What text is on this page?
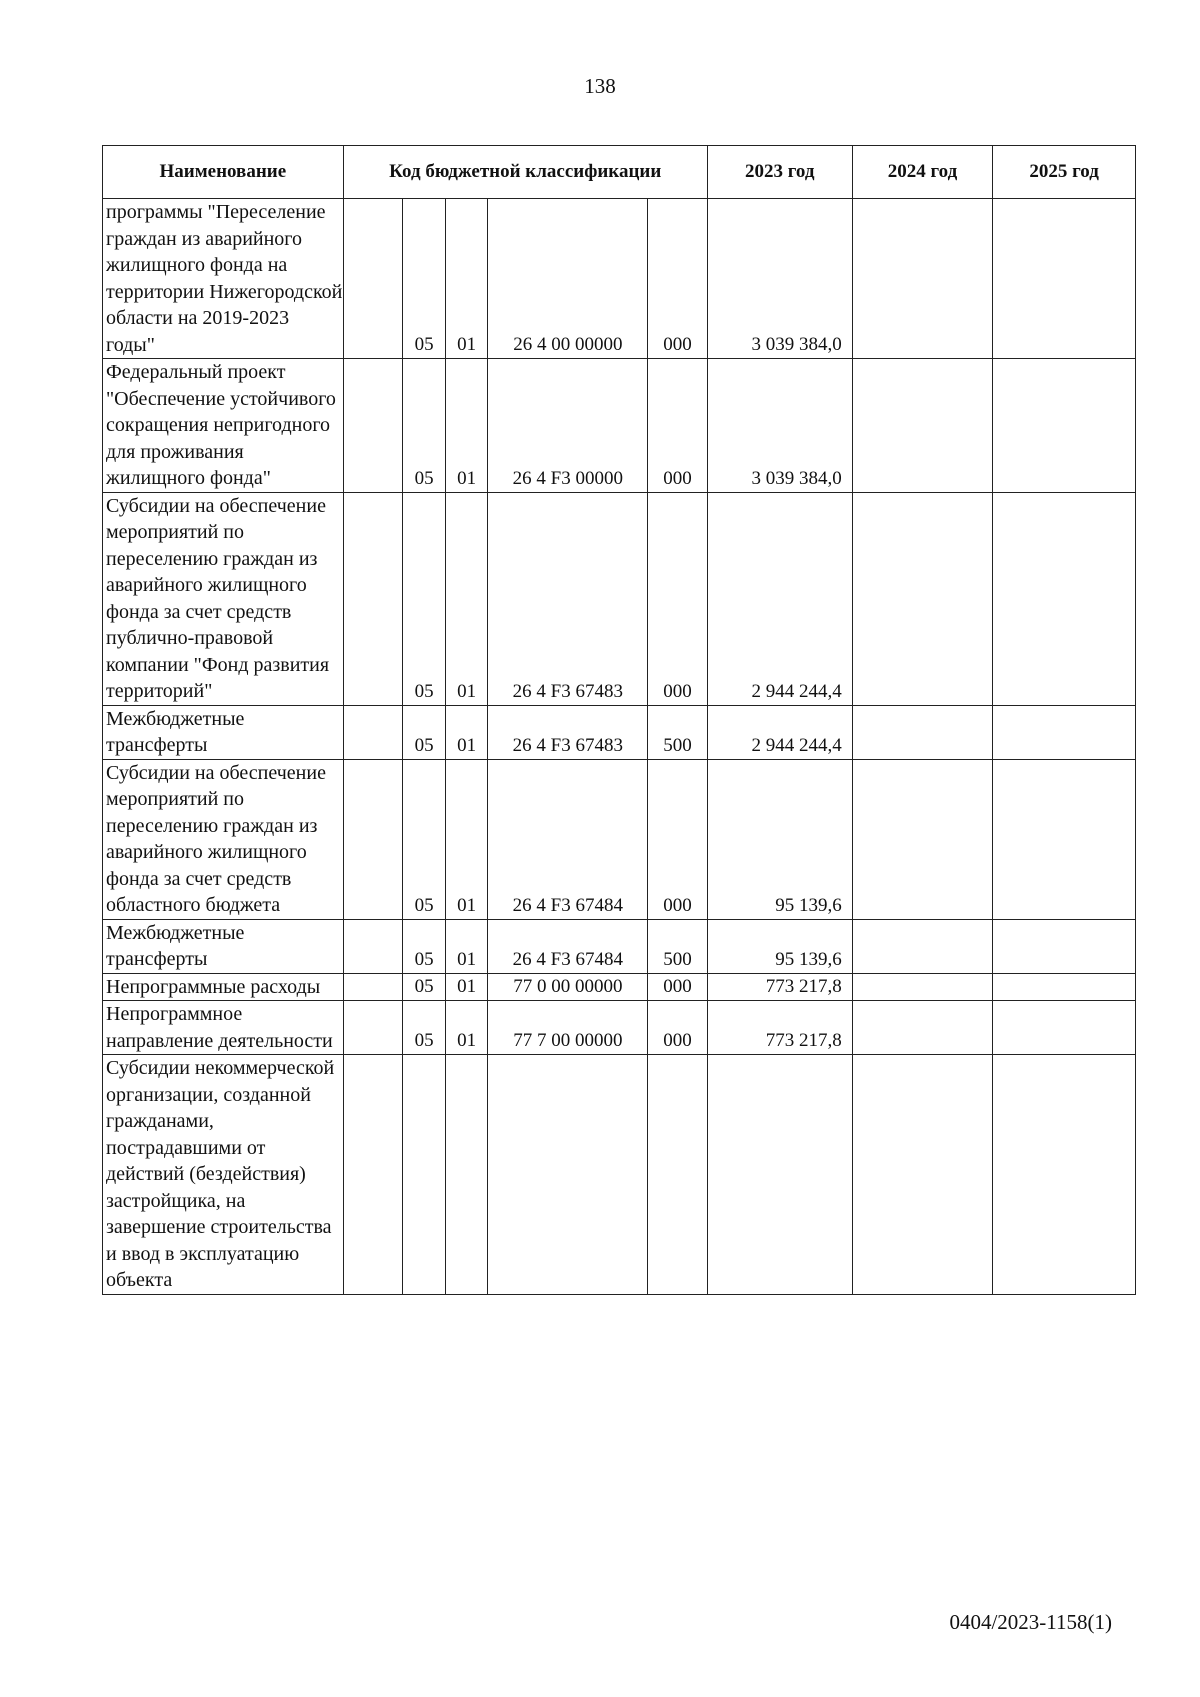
138
Наименование	Код бюджетной классификации					2023 год	2024 год	2025 год
программы "Переселение граждан из аварийного жилищного фонда на территории Нижегородской области на 2019-2023 годы"		05	01	26 4 00 00000	000	3 039 384,0		
Федеральный проект "Обеспечение устойчивого сокращения непригодного для проживания жилищного фонда"		05	01	26 4 F3 00000	000	3 039 384,0		
Субсидии на обеспечение мероприятий по переселению граждан из аварийного жилищного фонда за счет средств публично-правовой компании "Фонд развития территорий"		05	01	26 4 F3 67483	000	2 944 244,4		
Межбюджетные трансферты		05	01	26 4 F3 67483	500	2 944 244,4		
Субсидии на обеспечение мероприятий по переселению граждан из аварийного жилищного фонда за счет средств областного бюджета		05	01	26 4 F3 67484	000	95 139,6		
Межбюджетные трансферты		05	01	26 4 F3 67484	500	95 139,6		
Непрограммные расходы		05	01	77 0 00 00000	000	773 217,8		
Непрограммное направление деятельности		05	01	77 7 00 00000	000	773 217,8		
Субсидии некоммерческой организации, созданной гражданами, пострадавшими от действий (бездействия) застройщика, на завершение строительства и ввод в эксплуатацию объекта								
0404/2023-1158(1)
